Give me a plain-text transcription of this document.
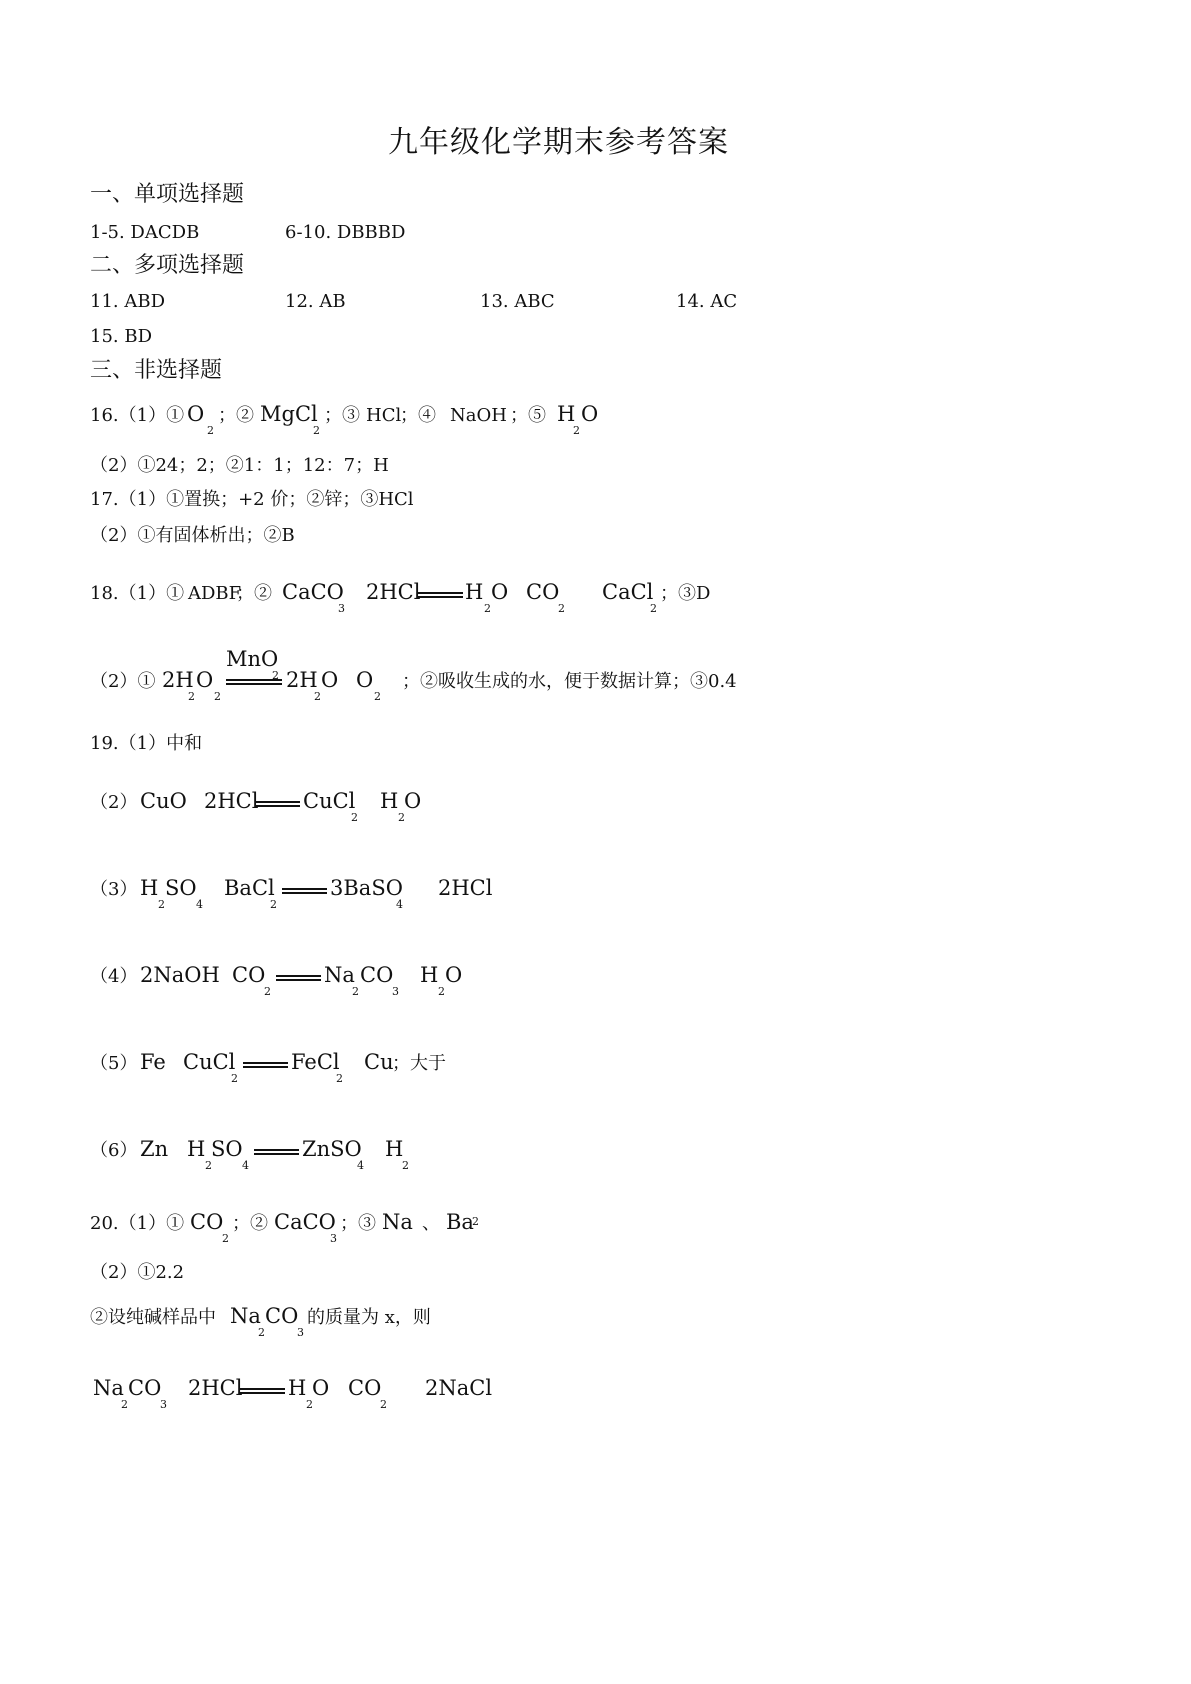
九年级化学期末参考答案
一、单项选择题
1-5. DACDB	6-10. DBBBD
二、多项选择题
11. ABD	12. AB	13. ABC	14. AC
15. BD
三、非选择题
16.（1）① O
2
；② MgCl
2
；③ HCl
；④ NaOH ；⑤ H
2
O
（2）①24；2；②1：1；12：7；H
17.（1）①置换；+2 价；②锌；③HCl
（2）①有固体析出；②B
18.（1）① ADBF
；② CaCO
3
2HCl H
2
O CO
2
CaCl
2
；③D
MnO
2
（2）① 2H
2
O
2
2H
2
O O
2
；②吸收生成的水，便于数据计算；③0.4
19.（1）中和
（2） CuO 2HCl CuCl
2
H
2
O
（3） H
2
SO
4
BaCl
2
3BaSO
4
2HCl
（4） 2NaOH CO
2
Na
2
CO
3
H
2
O
（5） Fe CuCl
2
FeCl
2
Cu
；大于
（6） Zn H
2
SO
4
ZnSO
4
H
2
20.（1）① CO
2
；② CaCO
3
；③ Na 、 Ba
2
（2）①2.2
②设纯碱样品中 Na
2
CO
3
的质量为 x，则
Na
2
CO
3
2HCl H
2
O CO
2
2NaCl
